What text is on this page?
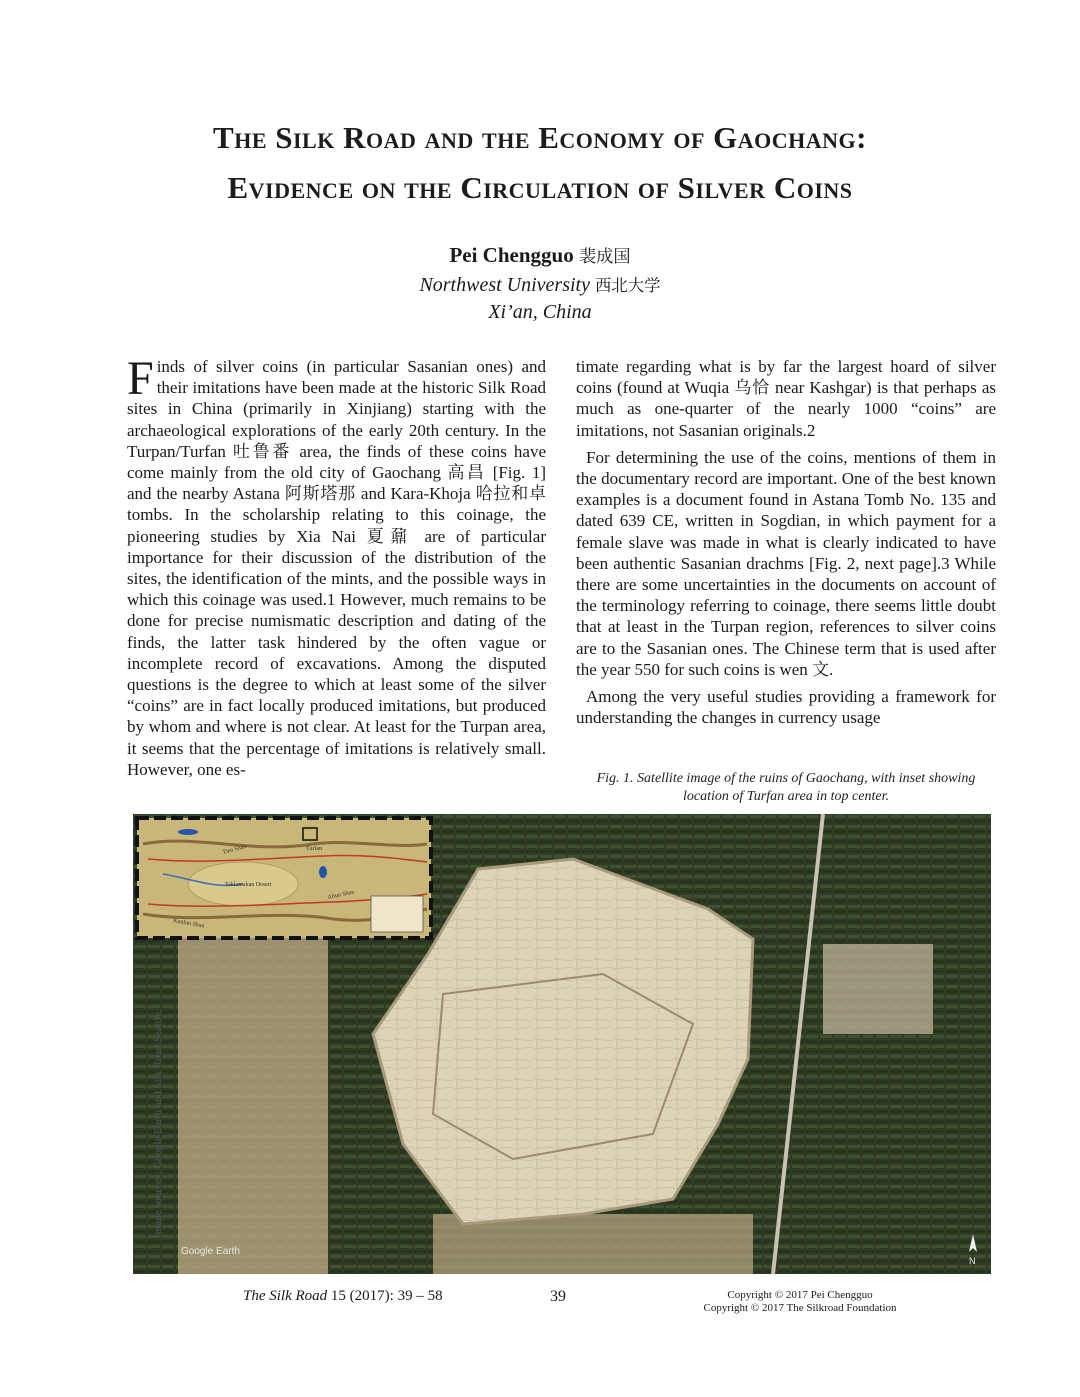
The Silk Road and the Economy of Gaochang:
Evidence on the Circulation of Silver Coins
Pei Chengguo 裴成国
Northwest University 西北大学
Xi’an, China

Finds of silver coins (in particular Sasanian ones) and their imitations have been made at the historic Silk Road sites in China (primarily in Xinjiang) starting with the archaeological explorations of the early 20th century. In the Turpan/Turfan 吐鲁番 area, the finds of these coins have come mainly from the old city of Gaochang 高昌 [Fig. 1] and the nearby Astana 阿斯塔那 and Kara-Khoja 哈拉和卓 tombs. In the scholarship relating to this coinage, the pioneering studies by Xia Nai 夏鼐 are of particular importance for their discussion of the distribution of the sites, the identification of the mints, and the possible ways in which this coinage was used.1 However, much remains to be done for precise numismatic description and dating of the finds, the latter task hindered by the often vague or incomplete record of excavations. Among the disputed questions is the degree to which at least some of the silver “coins” are in fact locally produced imitations, but produced by whom and where is not clear. At least for the Turpan area, it seems that the percentage of imitations is relatively small. However, one es-

timate regarding what is by far the largest hoard of silver coins (found at Wuqia 乌恰 near Kashgar) is that perhaps as much as one-quarter of the nearly 1000 “coins” are imitations, not Sasanian originals.2

For determining the use of the coins, mentions of them in the documentary record are important. One of the best known examples is a document found in Astana Tomb No. 135 and dated 639 CE, written in Sogdian, in which payment for a female slave was made in what is clearly indicated to have been authentic Sasanian drachms [Fig. 2, next page].3 While there are some uncertainties in the documents on account of the terminology referring to coinage, there seems little doubt that at least in the Turpan region, references to silver coins are to the Sasanian ones. The Chinese term that is used after the year 550 for such coins is wen 文.

Among the very useful studies providing a framework for understanding the changes in currency usage

Fig. 1. Satellite image of the ruins of Gaochang, with inset showing location of Turfan area in top center.
Taklamakan Desert
Tien Shan
Altun Shan
Kunlun Shan
Turfan
Google Earth
N
Image sources: Google Earth and Silk Road Seattle.
The Silk Road 15 (2017): 39 – 58	39	Copyright © 2017 Pei Chengguo
Copyright © 2017 The Silkroad Foundation
